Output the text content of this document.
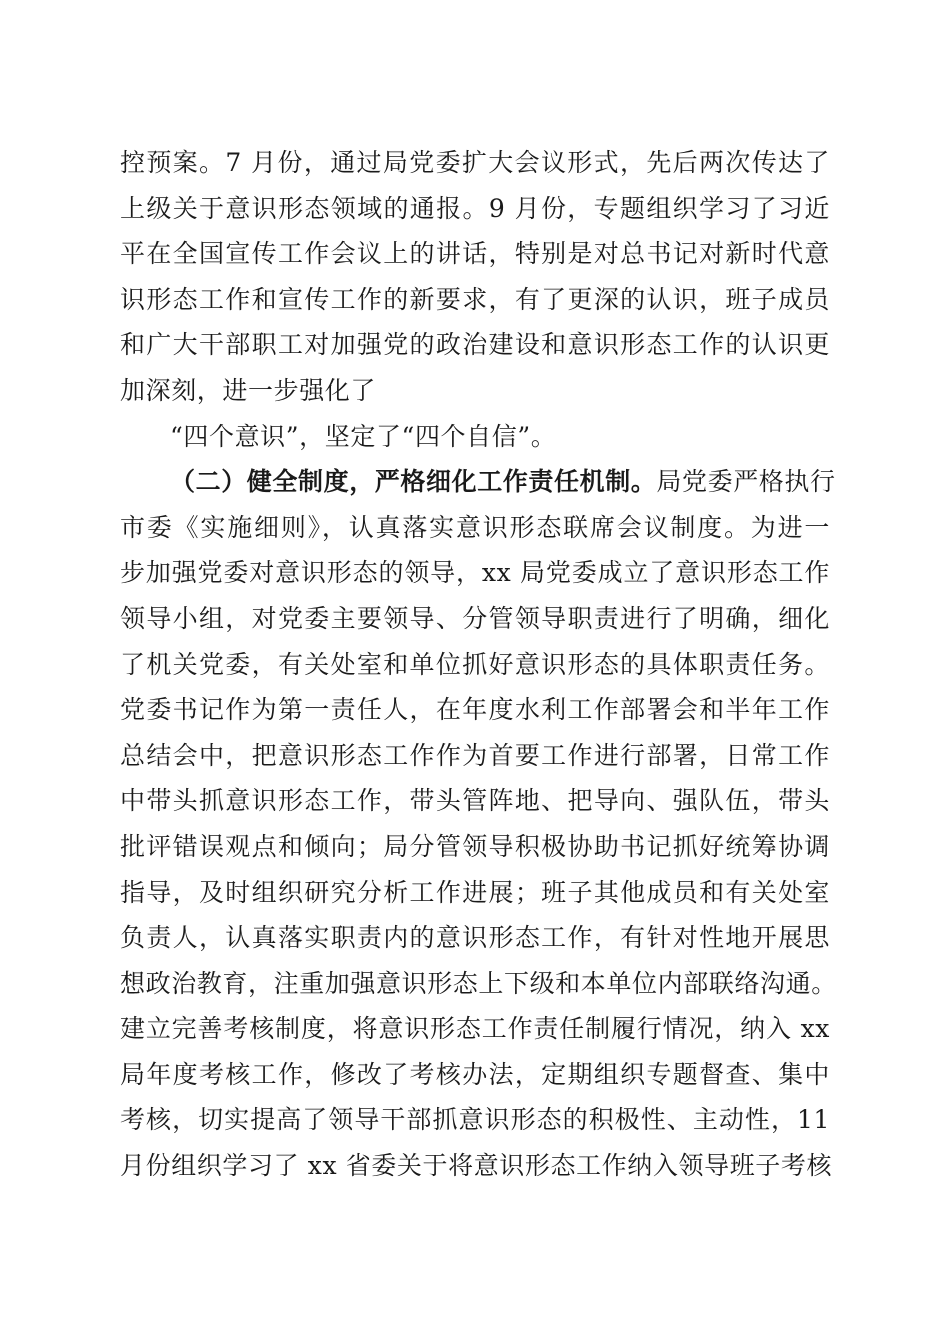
控预案。7 月份，通过局党委扩大会议形式，先后两次传达了
上级关于意识形态领域的通报。9 月份，专题组织学习了习近
平在全国宣传工作会议上的讲话，特别是对总书记对新时代意
识形态工作和宣传工作的新要求，有了更深的认识，班子成员
和广大干部职工对加强党的政治建设和意识形态工作的认识更
加深刻，进一步强化了
“四个意识”，坚定了“四个自信”。
（二）健全制度，严格细化工作责任机制。局党委严格执行
市委《实施细则》，认真落实意识形态联席会议制度。为进一
步加强党委对意识形态的领导，xx 局党委成立了意识形态工作
领导小组，对党委主要领导、分管领导职责进行了明确，细化
了机关党委，有关处室和单位抓好意识形态的具体职责任务。
党委书记作为第一责任人，在年度水利工作部署会和半年工作
总结会中，把意识形态工作作为首要工作进行部署，日常工作
中带头抓意识形态工作，带头管阵地、把导向、强队伍，带头
批评错误观点和倾向；局分管领导积极协助书记抓好统筹协调
指导，及时组织研究分析工作进展；班子其他成员和有关处室
负责人，认真落实职责内的意识形态工作，有针对性地开展思
想政治教育，注重加强意识形态上下级和本单位内部联络沟通。
建立完善考核制度，将意识形态工作责任制履行情况，纳入 xx
局年度考核工作，修改了考核办法，定期组织专题督查、集中
考核，切实提高了领导干部抓意识形态的积极性、主动性，11
月份组织学习了 xx 省委关于将意识形态工作纳入领导班子考核
